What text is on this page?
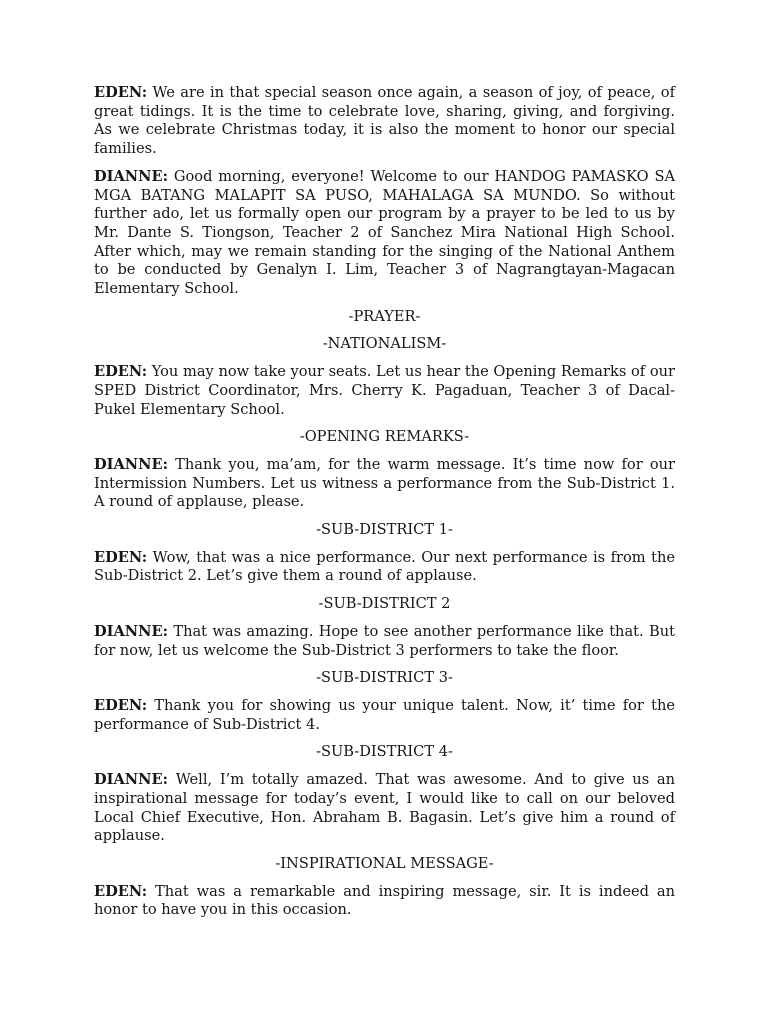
EDEN: We are in that special season once again, a season of joy, of peace, of great tidings. It is the time to celebrate love, sharing, giving, and forgiving. As we celebrate Christmas today, it is also the moment to honor our special families.

DIANNE: Good morning, everyone! Welcome to our HANDOG PAMASKO SA MGA BATANG MALAPIT SA PUSO, MAHALAGA SA MUNDO. So without further ado, let us formally open our program by a prayer to be led to us by Mr. Dante S. Tiongson, Teacher 2 of Sanchez Mira National High School. After which, may we remain standing for the singing of the National Anthem to be conducted by Genalyn I. Lim, Teacher 3 of Nagrangtayan-Magacan Elementary School.

-PRAYER-
-NATIONALISM-

EDEN: You may now take your seats. Let us hear the Opening Remarks of our SPED District Coordinator, Mrs. Cherry K. Pagaduan, Teacher 3 of Dacal-Pukel Elementary School.

-OPENING REMARKS-

DIANNE: Thank you, ma’am, for the warm message. It’s time now for our Intermission Numbers. Let us witness a performance from the Sub-District 1. A round of applause, please.

-SUB-DISTRICT 1-

EDEN: Wow, that was a nice performance. Our next performance is from the Sub-District 2. Let’s give them a round of applause.

-SUB-DISTRICT 2

DIANNE: That was amazing. Hope to see another performance like that. But for now, let us welcome the Sub-District 3 performers to take the floor.

-SUB-DISTRICT 3-

EDEN: Thank you for showing us your unique talent. Now, it’ time for the performance of Sub-District 4.

-SUB-DISTRICT 4-

DIANNE: Well, I’m totally amazed. That was awesome. And to give us an inspirational message for today’s event, I would like to call on our beloved Local Chief Executive, Hon. Abraham B. Bagasin. Let’s give him a round of applause.

-INSPIRATIONAL MESSAGE-

EDEN: That was a remarkable and inspiring message, sir. It is indeed an honor to have you in this occasion.
